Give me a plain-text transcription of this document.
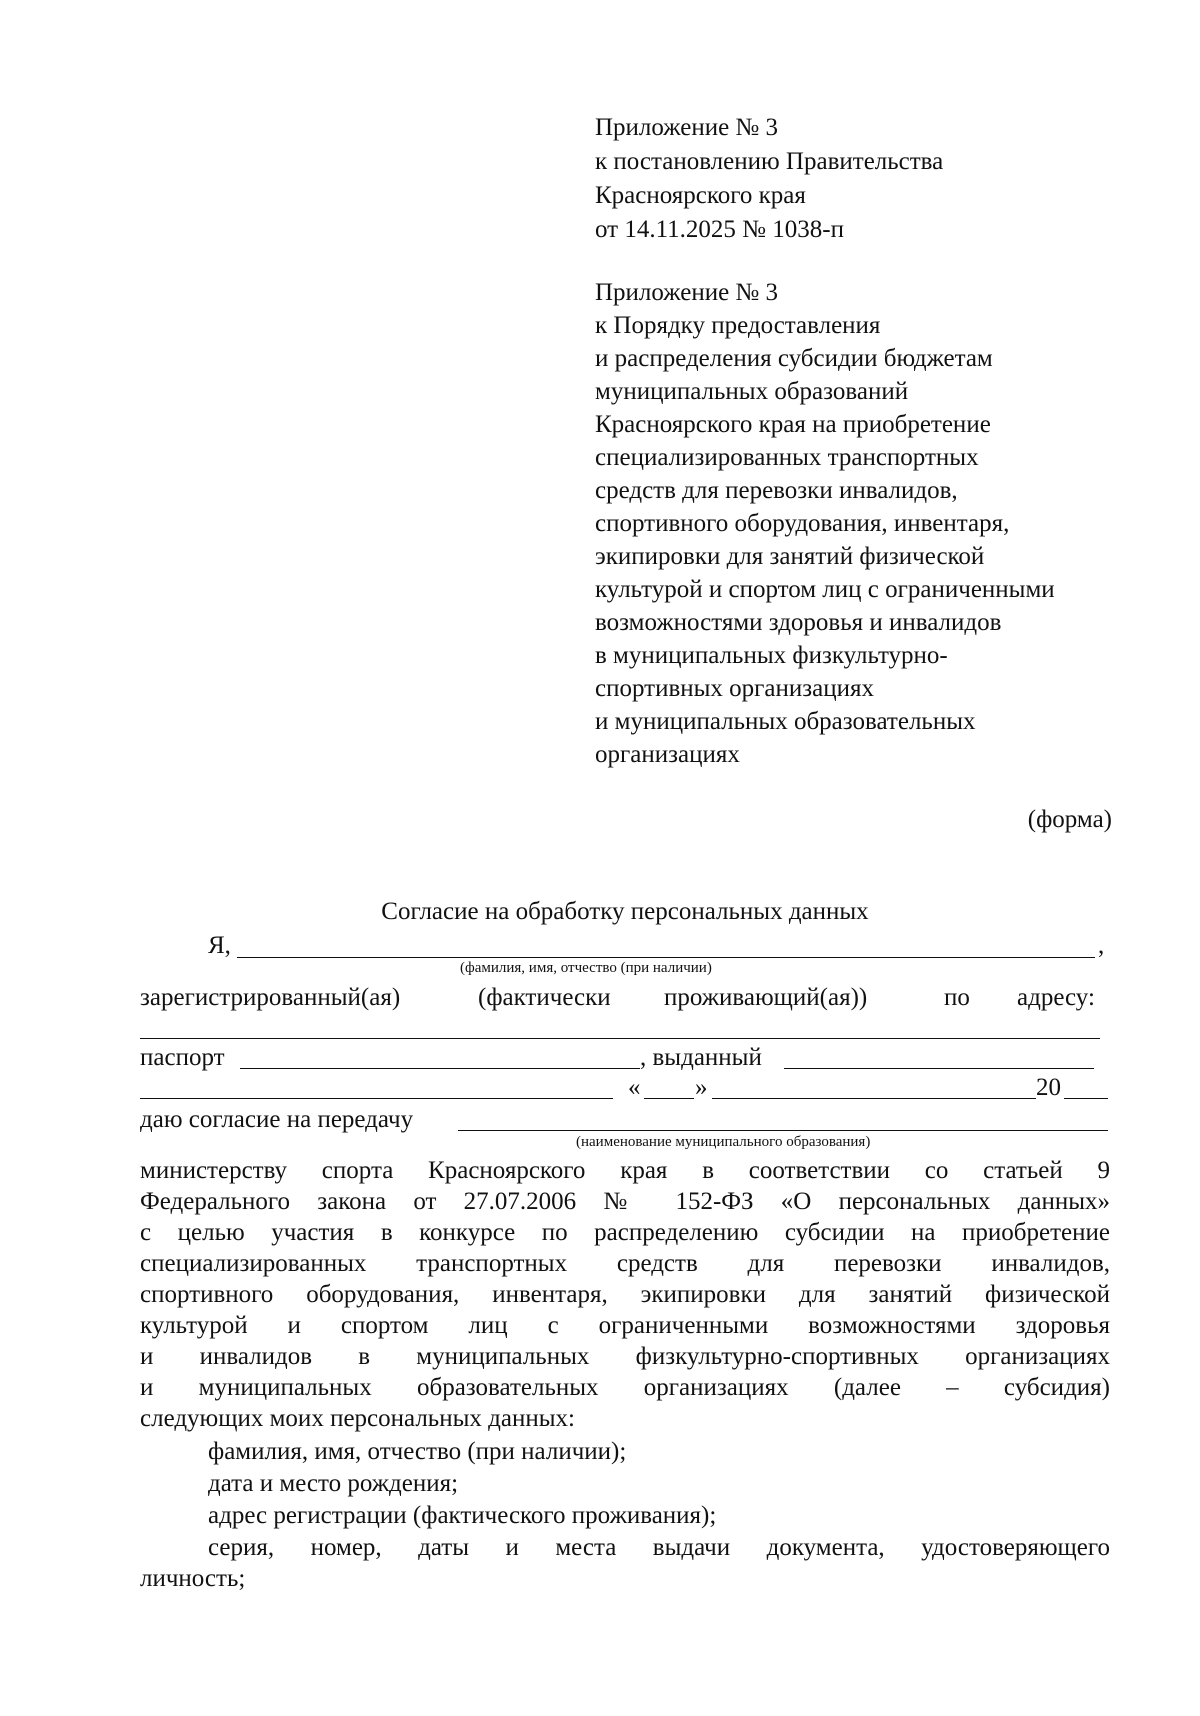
Приложение № 3
к постановлению Правительства
Красноярского края
от 14.11.2025 № 1038-п
Приложение № 3
к Порядку предоставления
и распределения субсидии бюджетам
муниципальных образований
Красноярского края на приобретение
специализированных транспортных
средств для перевозки инвалидов,
спортивного оборудования, инвентаря,
экипировки для занятий физической
культурой и спортом лиц с ограниченными
возможностями здоровья и инвалидов
в муниципальных физкультурно-
спортивных организациях
и муниципальных образовательных
организациях
(форма)
Согласие на обработку персональных данных
Я,	,
(фамилия, имя, отчество (при наличии)
зарегистрированный(ая)	(фактически проживающий(ая))	по адресу:
паспорт	, выданный
« »	20
даю согласие на передачу
(наименование муниципального образования)
министерству спорта Красноярского края в соответствии со статьей 9
Федерального закона от 27.07.2006 № 152-ФЗ «О персональных данных»
с целью участия в конкурсе по распределению субсидии на приобретение
специализированных транспортных средств для перевозки инвалидов,
спортивного оборудования, инвентаря, экипировки для занятий физической
культурой и спортом лиц с ограниченными возможностями здоровья
и инвалидов в муниципальных физкультурно-спортивных организациях
и муниципальных образовательных организациях (далее – субсидия)
следующих моих персональных данных:
фамилия, имя, отчество (при наличии);
дата и место рождения;
адрес регистрации (фактического проживания);
серия, номер, даты и места выдачи документа, удостоверяющего
личность;
